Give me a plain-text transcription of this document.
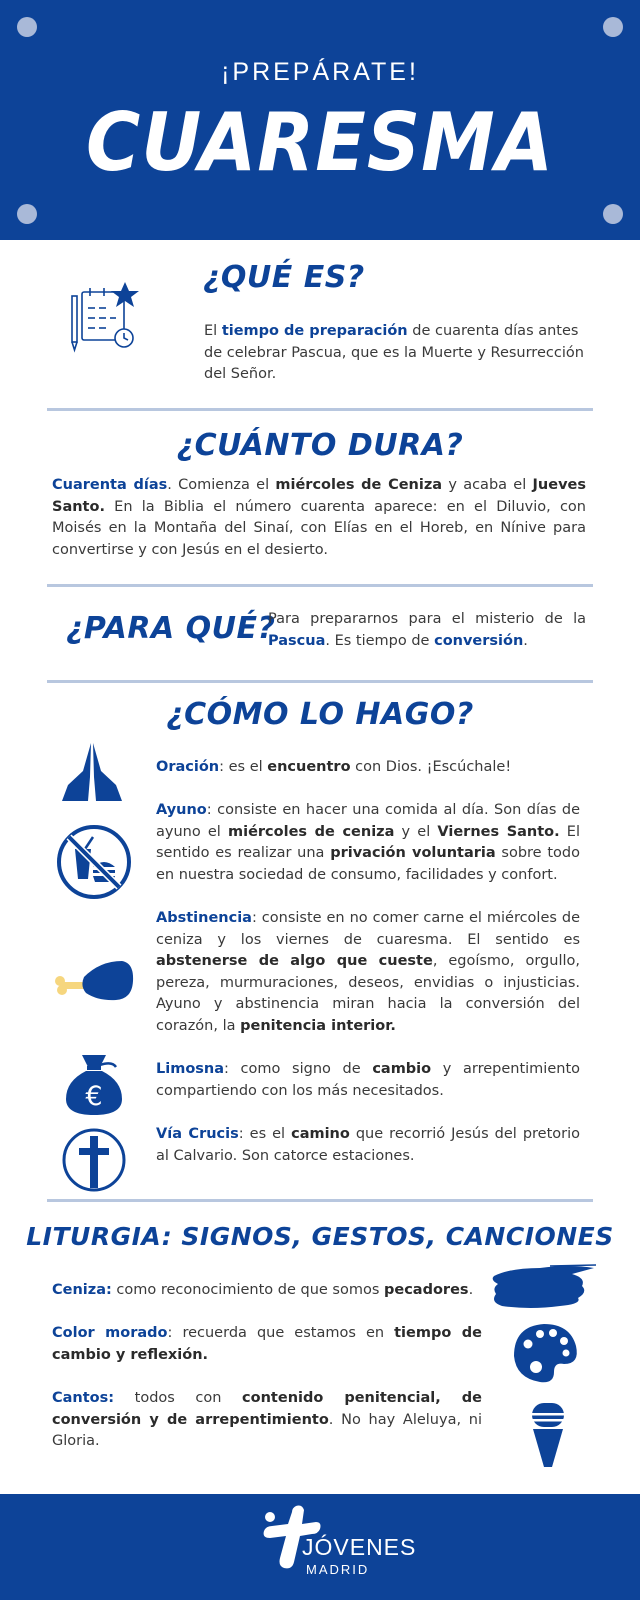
¡PREPÁRATE!
CUARESMA
¿QUÉ ES?
El tiempo de preparación de cuarenta días antes de celebrar Pascua, que es la Muerte y Resurrección del Señor.
¿CUÁNTO DURA?
Cuarenta días. Comienza el miércoles de Ceniza y acaba el Jueves Santo. En la Biblia el número cuarenta aparece: en el Diluvio, con Moisés en la Montaña del Sinaí, con Elías en el Horeb, en Nínive para convertirse y con Jesús en el desierto.
¿PARA QUÉ?
Para prepararnos para el misterio de la Pascua. Es tiempo de conversión.
¿CÓMO LO HAGO?
Oración: es el encuentro con Dios. ¡Escúchale!
Ayuno: consiste en hacer una comida al día. Son días de ayuno el miércoles de ceniza y el Viernes Santo. El sentido es realizar una privación voluntaria sobre todo en nuestra sociedad de consumo, facilidades y confort.
Abstinencia: consiste en no comer carne el miércoles de ceniza y los viernes de cuaresma. El sentido es abstenerse de algo que cueste, egoísmo, orgullo, pereza, murmuraciones, deseos, envidias o injusticias. Ayuno y abstinencia miran hacia la conversión del corazón, la penitencia interior.
€
Limosna: como signo de cambio y arrepentimiento compartiendo con los más necesitados.
Vía Crucis: es el camino que recorrió Jesús del pretorio al Calvario. Son catorce estaciones.
LITURGIA: SIGNOS, GESTOS, CANCIONES
Ceniza: como reconocimiento de que somos pecadores.
Color morado: recuerda que estamos en tiempo de cambio y reflexión.
Cantos: todos con contenido penitencial, de conversión y de arrepentimiento. No hay Aleluya, ni Gloria.
JÓVENES
MADRID
